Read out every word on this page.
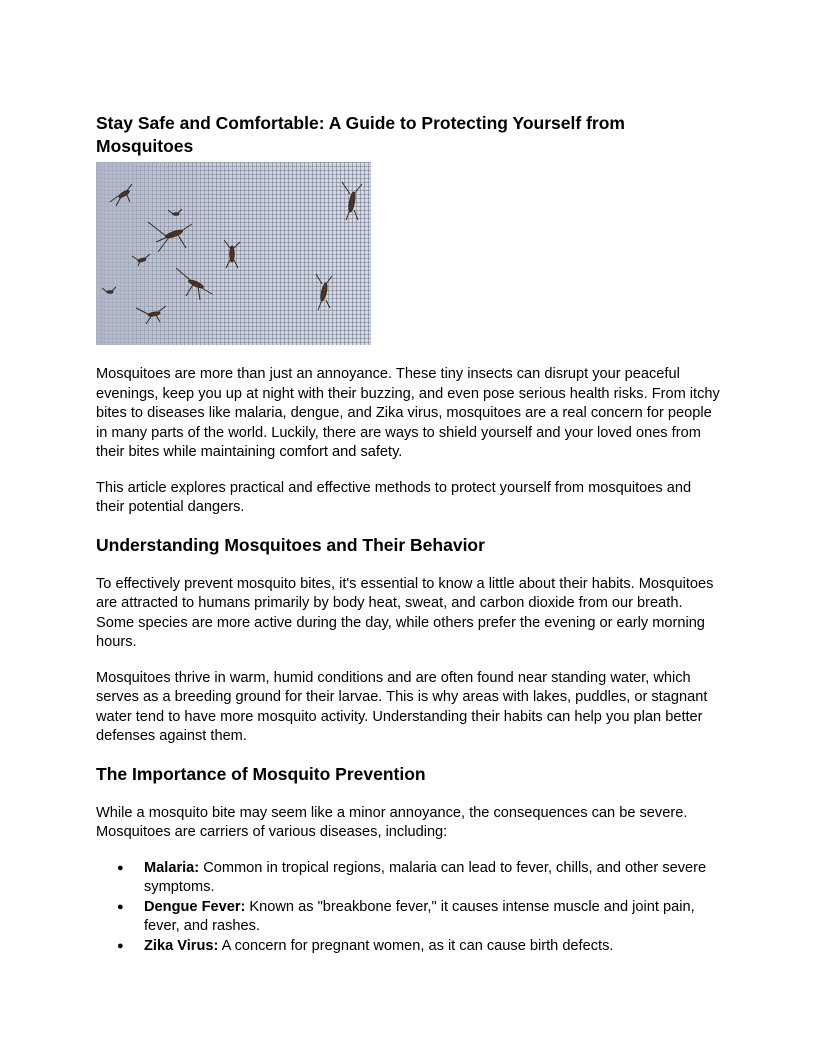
Stay Safe and Comfortable: A Guide to Protecting Yourself from Mosquitoes

Mosquitoes are more than just an annoyance. These tiny insects can disrupt your peaceful evenings, keep you up at night with their buzzing, and even pose serious health risks. From itchy bites to diseases like malaria, dengue, and Zika virus, mosquitoes are a real concern for people in many parts of the world. Luckily, there are ways to shield yourself and your loved ones from their bites while maintaining comfort and safety.

This article explores practical and effective methods to protect yourself from mosquitoes and their potential dangers.

Understanding Mosquitoes and Their Behavior

To effectively prevent mosquito bites, it's essential to know a little about their habits. Mosquitoes are attracted to humans primarily by body heat, sweat, and carbon dioxide from our breath. Some species are more active during the day, while others prefer the evening or early morning hours.

Mosquitoes thrive in warm, humid conditions and are often found near standing water, which serves as a breeding ground for their larvae. This is why areas with lakes, puddles, or stagnant water tend to have more mosquito activity. Understanding their habits can help you plan better defenses against them.

The Importance of Mosquito Prevention

While a mosquito bite may seem like a minor annoyance, the consequences can be severe. Mosquitoes are carriers of various diseases, including:

● Malaria: Common in tropical regions, malaria can lead to fever, chills, and other severe symptoms.
● Dengue Fever: Known as "breakbone fever," it causes intense muscle and joint pain, fever, and rashes.
● Zika Virus: A concern for pregnant women, as it can cause birth defects.
